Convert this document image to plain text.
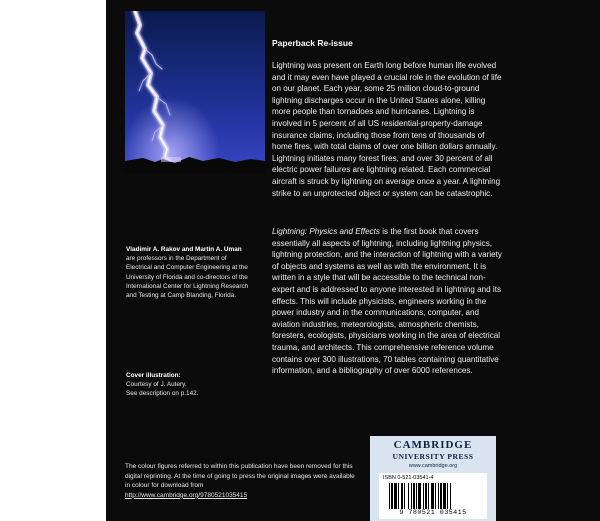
Paperback Re-issue

Lightning was present on Earth long before human life evolved and it may even have played a crucial role in the evolution of life on our planet. Each year, some 25 million cloud-to-ground lightning discharges occur in the United States alone, killing more people than tornadoes and hurricanes. Lightning is involved in 5 percent of all US residential-property-damage insurance claims, including those from tens of thousands of home fires, with total claims of over one billion dollars annually. Lightning initiates many forest fires, and over 30 percent of all electric power failures are lightning related. Each commercial aircraft is struck by lightning on average once a year. A lightning strike to an unprotected object or system can be catastrophic.

Lightning: Physics and Effects is the first book that covers essentially all aspects of lightning, including lightning physics, lightning protection, and the interaction of lightning with a variety of objects and systems as well as with the environment. It is written in a style that will be accessible to the technical non-expert and is addressed to anyone interested in lightning and its effects. This will include physicists, engineers working in the power industry and in the communications, computer, and aviation industries, meteorologists, atmospheric chemists, foresters, ecologists, physicians working in the area of electrical trauma, and architects. This comprehensive reference volume contains over 300 illustrations, 70 tables containing quantitative information, and a bibliography of over 6000 references.

Vladimir A. Rakov and Martin A. Uman
are professors in the Department of Electrical and Computer Engineering at the University of Florida and co-directors of the International Center for Lightning Research and Testing at Camp Blanding, Florida.

Cover illustration:
Courtesy of J. Autery.
See description on p.142.

The colour figures referred to within this publication have been removed for this digital reprinting. At the time of going to press the original images were available in colour for download from
http://www.cambridge.org/9780521035415

CAMBRIDGE
UNIVERSITY PRESS
www.cambridge.org
ISBN 0-521-03541-4
9 780521 035415
